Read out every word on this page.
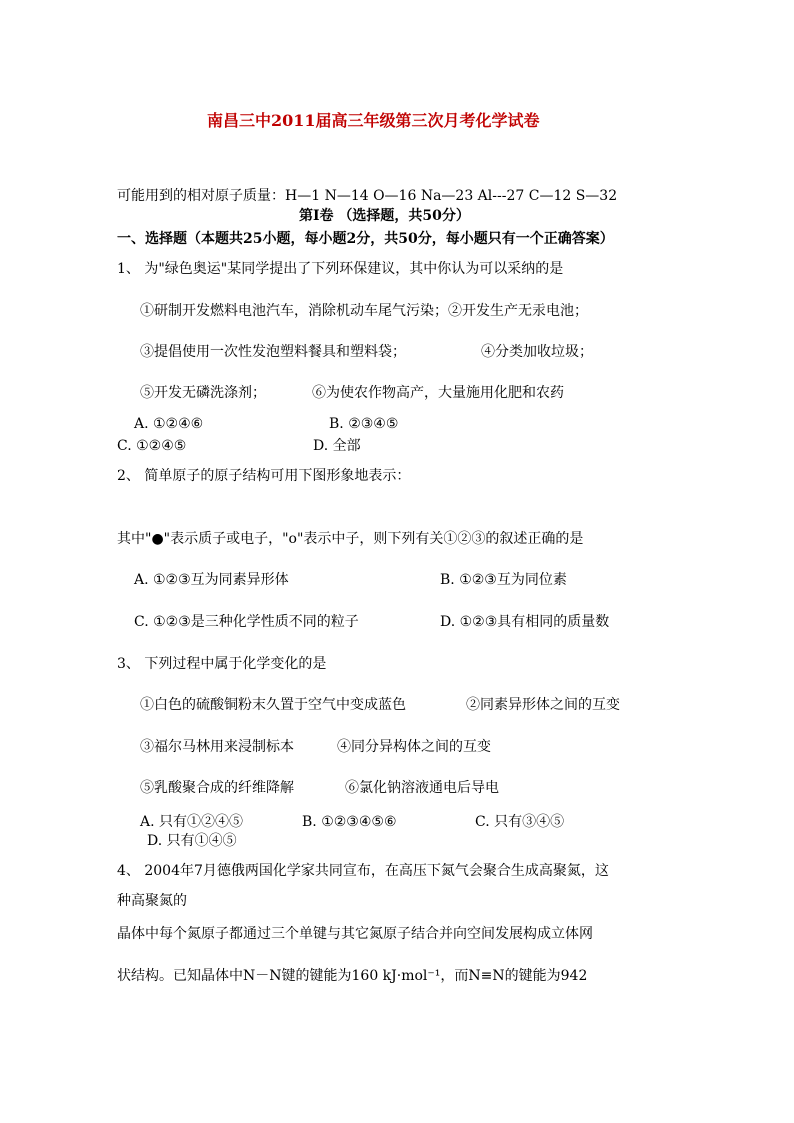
南昌三中2011届高三年级第三次月考化学试卷
可能用到的相对原子质量：H—1 N—14 O—16 Na—23 Al---27 C—12 S—32
第Ⅰ卷 （选择题，共50分）
一、选择题（本题共25小题，每小题2分，共50分，每小题只有一个正确答案）
1、 为"绿色奥运"某同学提出了下列环保建议，其中你认为可以采纳的是
①研制开发燃料电池汽车，消除机动车尾气污染；②开发生产无汞电池；
③提倡使用一次性发泡塑料餐具和塑料袋；	④分类加收垃圾；
⑤开发无磷洗涤剂；	⑥为使农作物高产，大量施用化肥和农药
A. ①②④⑥	B. ②③④⑤
C. ①②④⑤	D. 全部
2、 简单原子的原子结构可用下图形象地表示：
其中"●"表示质子或电子，"o"表示中子，则下列有关①②③的叙述正确的是
A. ①②③互为同素异形体	B. ①②③互为同位素
C. ①②③是三种化学性质不同的粒子	D. ①②③具有相同的质量数
3、 下列过程中属于化学变化的是
①白色的硫酸铜粉末久置于空气中变成蓝色	②同素异形体之间的互变
③福尔马林用来浸制标本	④同分异构体之间的互变
⑤乳酸聚合成的纤维降解	⑥氯化钠溶液通电后导电
A. 只有①②④⑤	B. ①②③④⑤⑥	C. 只有③④⑤
D. 只有①④⑤
4、 2004年7月德俄两国化学家共同宣布，在高压下氮气会聚合生成高聚氮，这
种高聚氮的
晶体中每个氮原子都通过三个单键与其它氮原子结合并向空间发展构成立体网
状结构。已知晶体中N－N键的键能为160 kJ·mol⁻¹，而N≡N的键能为942
